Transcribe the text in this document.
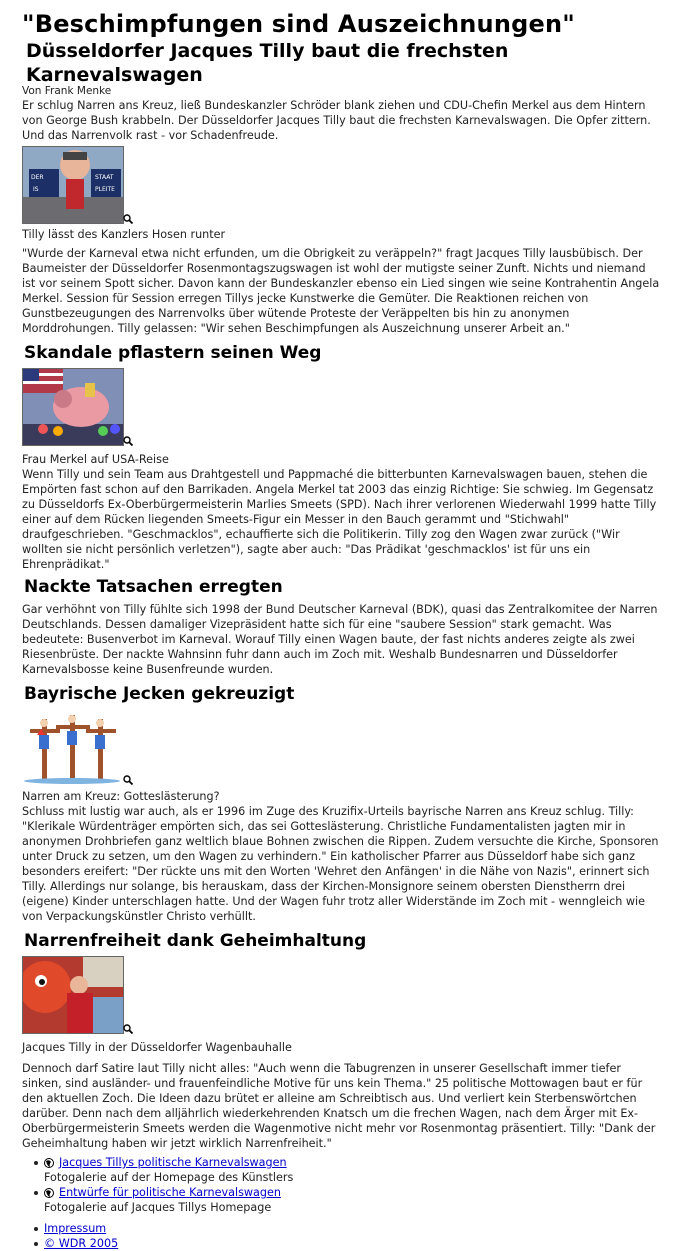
"Beschimpfungen sind Auszeichnungen"
Düsseldorfer Jacques Tilly baut die frechsten Karnevalswagen
Von Frank Menke

Er schlug Narren ans Kreuz, ließ Bundeskanzler Schröder blank ziehen und CDU-Chefin Merkel aus dem Hintern von George Bush krabbeln. Der Düsseldorfer Jacques Tilly baut die frechsten Karnevalswagen. Die Opfer zittern. Und das Narrenvolk rast - vor Schadenfreude.

DER
IS
STAAT
PLEITE
Tilly lässt des Kanzlers Hosen runter

"Wurde der Karneval etwa nicht erfunden, um die Obrigkeit zu veräppeln?" fragt Jacques Tilly lausbübisch. Der Baumeister der Düsseldorfer Rosenmontagszugswagen ist wohl der mutigste seiner Zunft. Nichts und niemand ist vor seinem Spott sicher. Davon kann der Bundeskanzler ebenso ein Lied singen wie seine Kontrahentin Angela Merkel. Session für Session erregen Tillys jecke Kunstwerke die Gemüter. Die Reaktionen reichen von Gunstbezeugungen des Narrenvolks über wütende Proteste der Veräppelten bis hin zu anonymen Morddrohungen. Tilly gelassen: "Wir sehen Beschimpfungen als Auszeichnung unserer Arbeit an."

Skandale pflastern seinen Weg
Frau Merkel auf USA-Reise

Wenn Tilly und sein Team aus Drahtgestell und Pappmaché die bitterbunten Karnevalswagen bauen, stehen die Empörten fast schon auf den Barrikaden. Angela Merkel tat 2003 das einzig Richtige: Sie schwieg. Im Gegensatz zu Düsseldorfs Ex-Oberbürgermeisterin Marlies Smeets (SPD). Nach ihrer verlorenen Wiederwahl 1999 hatte Tilly einer auf dem Rücken liegenden Smeets-Figur ein Messer in den Bauch gerammt und "Stichwahl" draufgeschrieben. "Geschmacklos", echauffierte sich die Politikerin. Tilly zog den Wagen zwar zurück ("Wir wollten sie nicht persönlich verletzen"), sagte aber auch: "Das Prädikat 'geschmacklos' ist für uns ein Ehrenprädikat."

Nackte Tatsachen erregten

Gar verhöhnt von Tilly fühlte sich 1998 der Bund Deutscher Karneval (BDK), quasi das Zentralkomitee der Narren Deutschlands. Dessen damaliger Vizepräsident hatte sich für eine "saubere Session" stark gemacht. Was bedeutete: Busenverbot im Karneval. Worauf Tilly einen Wagen baute, der fast nichts anderes zeigte als zwei Riesenbrüste. Der nackte Wahnsinn fuhr dann auch im Zoch mit. Weshalb Bundesnarren und Düsseldorfer Karnevalsbosse keine Busenfreunde wurden.

Bayrische Jecken gekreuzigt
Narren am Kreuz: Gotteslästerung?

Schluss mit lustig war auch, als er 1996 im Zuge des Kruzifix-Urteils bayrische Narren ans Kreuz schlug. Tilly: "Klerikale Würdenträger empörten sich, das sei Gotteslästerung. Christliche Fundamentalisten jagten mir in anonymen Drohbriefen ganz weltlich blaue Bohnen zwischen die Rippen. Zudem versuchte die Kirche, Sponsoren unter Druck zu setzen, um den Wagen zu verhindern." Ein katholischer Pfarrer aus Düsseldorf habe sich ganz besonders ereifert: "Der rückte uns mit den Worten 'Wehret den Anfängen' in die Nähe von Nazis", erinnert sich Tilly. Allerdings nur solange, bis herauskam, dass der Kirchen-Monsignore seinem obersten Dienstherrn drei (eigene) Kinder unterschlagen hatte. Und der Wagen fuhr trotz aller Widerstände im Zoch mit - wenngleich wie von Verpackungskünstler Christo verhüllt.

Narrenfreiheit dank Geheimhaltung
Jacques Tilly in der Düsseldorfer Wagenbauhalle

Dennoch darf Satire laut Tilly nicht alles: "Auch wenn die Tabugrenzen in unserer Gesellschaft immer tiefer sinken, sind ausländer- und frauenfeindliche Motive für uns kein Thema." 25 politische Mottowagen baut er für den aktuellen Zoch. Die Ideen dazu brütet er alleine am Schreibtisch aus. Und verliert kein Sterbenswörtchen darüber. Denn nach dem alljährlich wiederkehrenden Knatsch um die frechen Wagen, nach dem Ärger mit Ex-Oberbürgermeisterin Smeets werden die Wagenmotive nicht mehr vor Rosenmontag präsentiert. Tilly: "Dank der Geheimhaltung haben wir jetzt wirklich Narrenfreiheit."

Jacques Tillys politische Karnevalswagen
Fotogalerie auf der Homepage des Künstlers
Entwürfe für politische Karnevalswagen
Fotogalerie auf Jacques Tillys Homepage
Impressum
© WDR 2005
